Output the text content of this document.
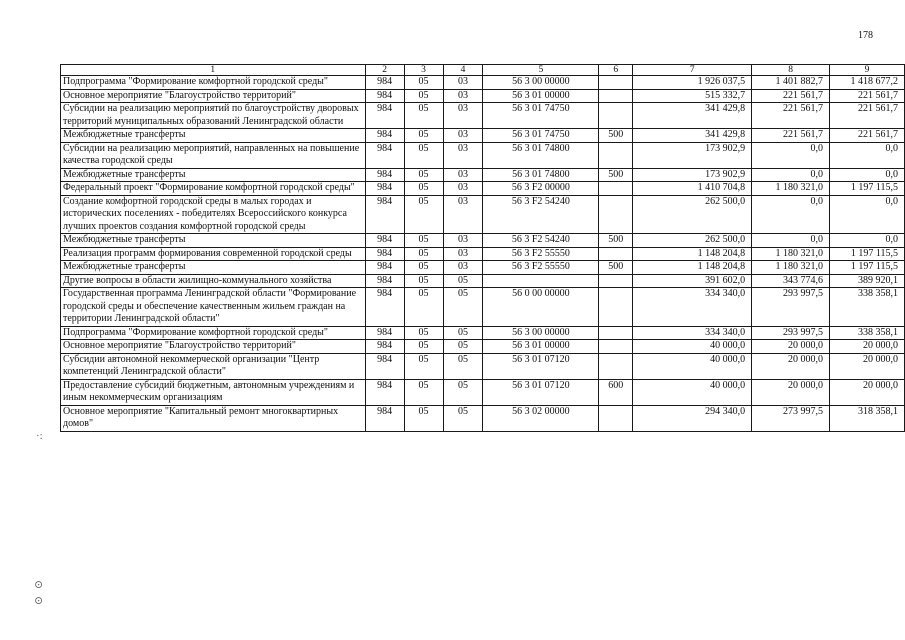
178
·:
⊙
⊙
1	2	3	4	5	6	7	8	9
Подпрограмма "Формирование комфортной городской среды"	984	05	03	56 3 00 00000		1 926 037,5	1 401 882,7	1 418 677,2
Основное мероприятие "Благоустройство территорий"	984	05	03	56 3 01 00000		515 332,7	221 561,7	221 561,7
Субсидии на реализацию мероприятий по благоустройству дворовых территорий муниципальных образований Ленинградской области	984	05	03	56 3 01 74750		341 429,8	221 561,7	221 561,7
Межбюджетные трансферты	984	05	03	56 3 01 74750	500	341 429,8	221 561,7	221 561,7
Субсидии на реализацию мероприятий, направленных на повышение качества городской среды	984	05	03	56 3 01 74800		173 902,9	0,0	0,0
Межбюджетные трансферты	984	05	03	56 3 01 74800	500	173 902,9	0,0	0,0
Федеральный проект "Формирование комфортной городской среды"	984	05	03	56 3 F2 00000		1 410 704,8	1 180 321,0	1 197 115,5
Создание комфортной городской среды в малых городах и исторических поселениях - победителях Всероссийского конкурса лучших проектов создания комфортной городской среды	984	05	03	56 3 F2 54240		262 500,0	0,0	0,0
Межбюджетные трансферты	984	05	03	56 3 F2 54240	500	262 500,0	0,0	0,0
Реализация программ формирования современной городской среды	984	05	03	56 3 F2 55550		1 148 204,8	1 180 321,0	1 197 115,5
Межбюджетные трансферты	984	05	03	56 3 F2 55550	500	1 148 204,8	1 180 321,0	1 197 115,5
Другие вопросы в области жилищно-коммунального хозяйства	984	05	05			391 602,0	343 774,6	389 920,1
Государственная программа Ленинградской области "Формирование городской среды и обеспечение качественным жильем граждан на территории Ленинградской области"	984	05	05	56 0 00 00000		334 340,0	293 997,5	338 358,1
Подпрограмма "Формирование комфортной городской среды"	984	05	05	56 3 00 00000		334 340,0	293 997,5	338 358,1
Основное мероприятие "Благоустройство территорий"	984	05	05	56 3 01 00000		40 000,0	20 000,0	20 000,0
Субсидии автономной некоммерческой организации "Центр компетенций Ленинградской области"	984	05	05	56 3 01 07120		40 000,0	20 000,0	20 000,0
Предоставление субсидий бюджетным, автономным учреждениям и иным некоммерческим организациям	984	05	05	56 3 01 07120	600	40 000,0	20 000,0	20 000,0
Основное мероприятие "Капитальный ремонт многоквартирных домов"	984	05	05	56 3 02 00000		294 340,0	273 997,5	318 358,1
